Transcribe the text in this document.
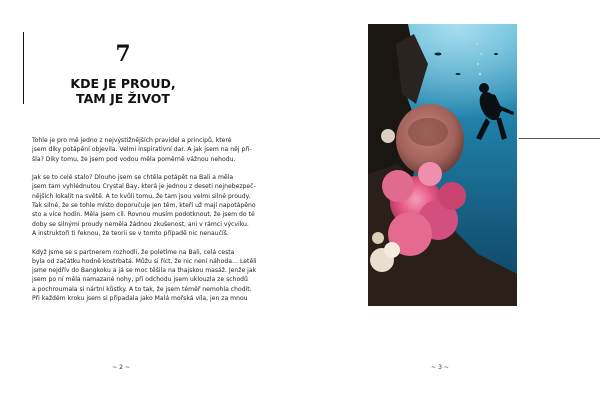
7
KDE JE PROUD,
TAM JE ŽIVOT
Tohle je pro mě jedno z nejvýstižnějších pravidel a principů, které
jsem díky potápění objevila. Velmi inspirativní dar. A jak jsem na něj při-
šla? Díky tomu, že jsem pod vodou měla poměrně vážnou nehodu.
Jak se to celé stalo? Dlouho jsem se chtěla potápět na Bali a měla
jsem tam vyhlédnutou Crystal Bay, která je jednou z deseti nejnebezpeč-
nějších lokalit na světě. A to kvůli tomu, že tam jsou velmi silné proudy.
Tak silné, že se tohle místo doporučuje jen těm, kteří už mají napotápěno
sto a více hodin. Měla jsem cíl. Rovnou musím podotknout, že jsem do té
doby se silnými proudy neměla žádnou zkušenost, ani v rámci výcviku.
A instruktoři ti řeknou, že teorii se v tomto případě nic nenaučíš.
Když jsme se s partnerem rozhodli, že poletíme na Bali, celá cesta
byla od začátku hodně kostrbatá. Můžu si říct, že nic není náhoda… Letěli
jsme nejdřív do Bangkoku a já se moc těšila na thajskou masáž. Jenže jak
jsem po ní měla namazané nohy, při odchodu jsem uklouzla ze schodů
a pochroumala si nártní kůstky. A to tak, že jsem téměř nemohla chodit.
Při každém kroku jsem si připadala jako Malá mořská víla, jen za mnou
~ 2 ~	~ 3 ~
